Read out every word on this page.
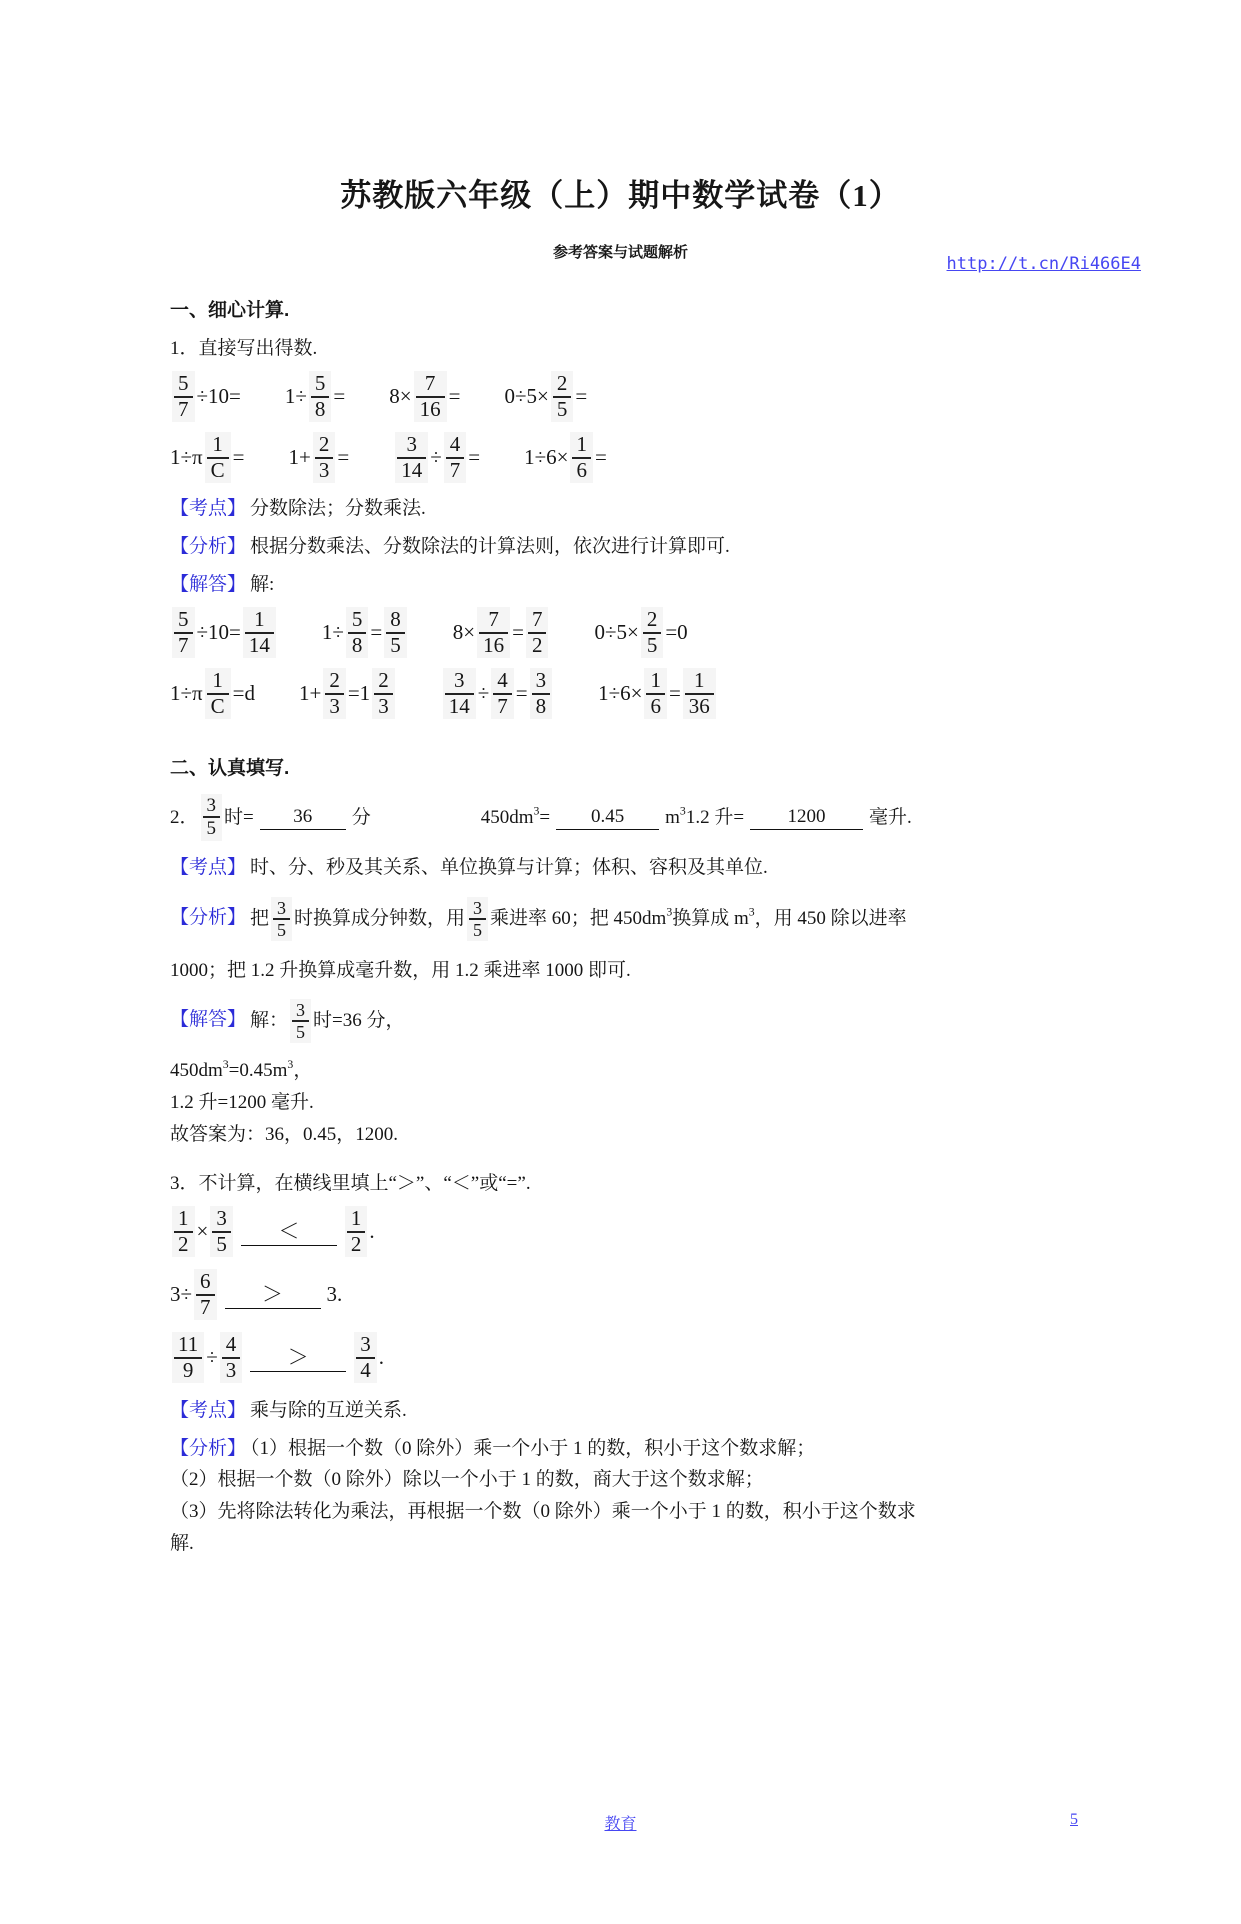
http://t.cn/Ri466E4
苏教版六年级（上）期中数学试卷（1）
参考答案与试题解析
一、细心计算.
1．直接写出得数.
$\frac{5}{7} \div 10= 1\div \frac{5}{8} = 8\times \frac{7}{16} = 0\div 5\times \frac{2}{5}$ =
$1\div\pi \frac{1}{C} = 1+ \frac{2}{3} = \frac{3}{14} \div \frac{4}{7} = 1\div 6\times \frac{1}{6}$ =
【考点】 分数除法；分数乘法.
【分析】 根据分数乘法、分数除法的计算法则，依次进行计算即可.
【解答】 解:
$\frac{5}{7} \div 10= \frac{1}{14} 1\div \frac{5}{8} = \frac{8}{5} 8\times \frac{7}{16} = \frac{7}{2} 0\div 5\times \frac{2}{5} =0$
$1\div\pi \frac{1}{C} =d$ $1+ \frac{2}{3} =1 \frac{2}{3} \frac{3}{14} \div \frac{4}{7} = \frac{3}{8} 1\div 6\times \frac{1}{6} = \frac{1}{36}$
二、认真填写.
2． $\frac{3}{5}$ 时= 36 分	$450dm^3= 0.45$ $m^31.2$ 升= 1200 毫升.
【考点】 时、分、秒及其关系、单位换算与计算；体积、容积及其单位.
【分析】 把 $\frac{3}{5}$ 时换算成分钟数，用 $\frac{3}{5}$ 乘进率 60；把 $450dm^3$换算成 $m^3$，用 450 除以进率
1000；把 1.2 升换算成毫升数，用 1.2 乘进率 1000 即可.
【解答】 解： $\frac{3}{5}$ 时=36 分，
$450dm^3=0.45m^3$，
1.2 升=1200 毫升.
故答案为：36，0.45，1200.
3．不计算，在横线里填上“＞”、“＜”或“=”.
$\frac{1}{2} \times \frac{3}{5} < \frac{1}{2}$ .
$3\div \frac{6}{7} > 3$.
$\frac{11}{9} \div \frac{4}{3} > \frac{3}{4}$ .
【考点】 乘与除的互逆关系.
【分析】 （1）根据一个数（0 除外）乘一个小于 1 的数，积小于这个数求解；
（2）根据一个数（0 除外）除以一个小于 1 的数，商大于这个数求解；
（3）先将除法转化为乘法，再根据一个数（0 除外）乘一个小于 1 的数，积小于这个数求
解.
教育	5
